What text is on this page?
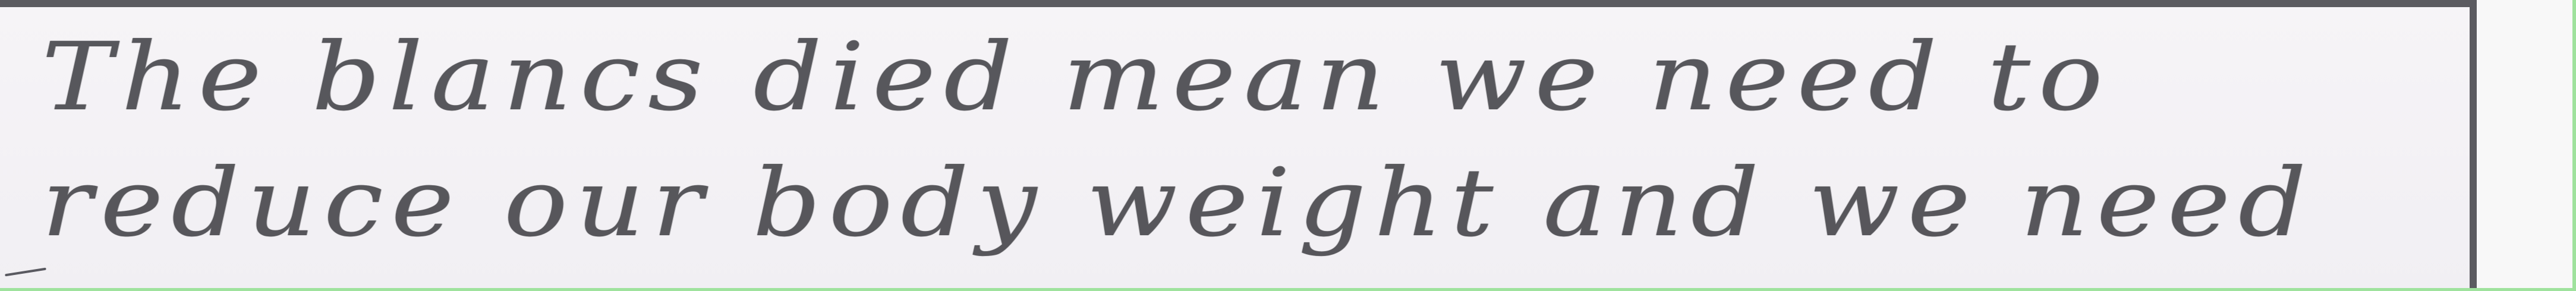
The blancs died mean we need to

reduce our body weight and we need
